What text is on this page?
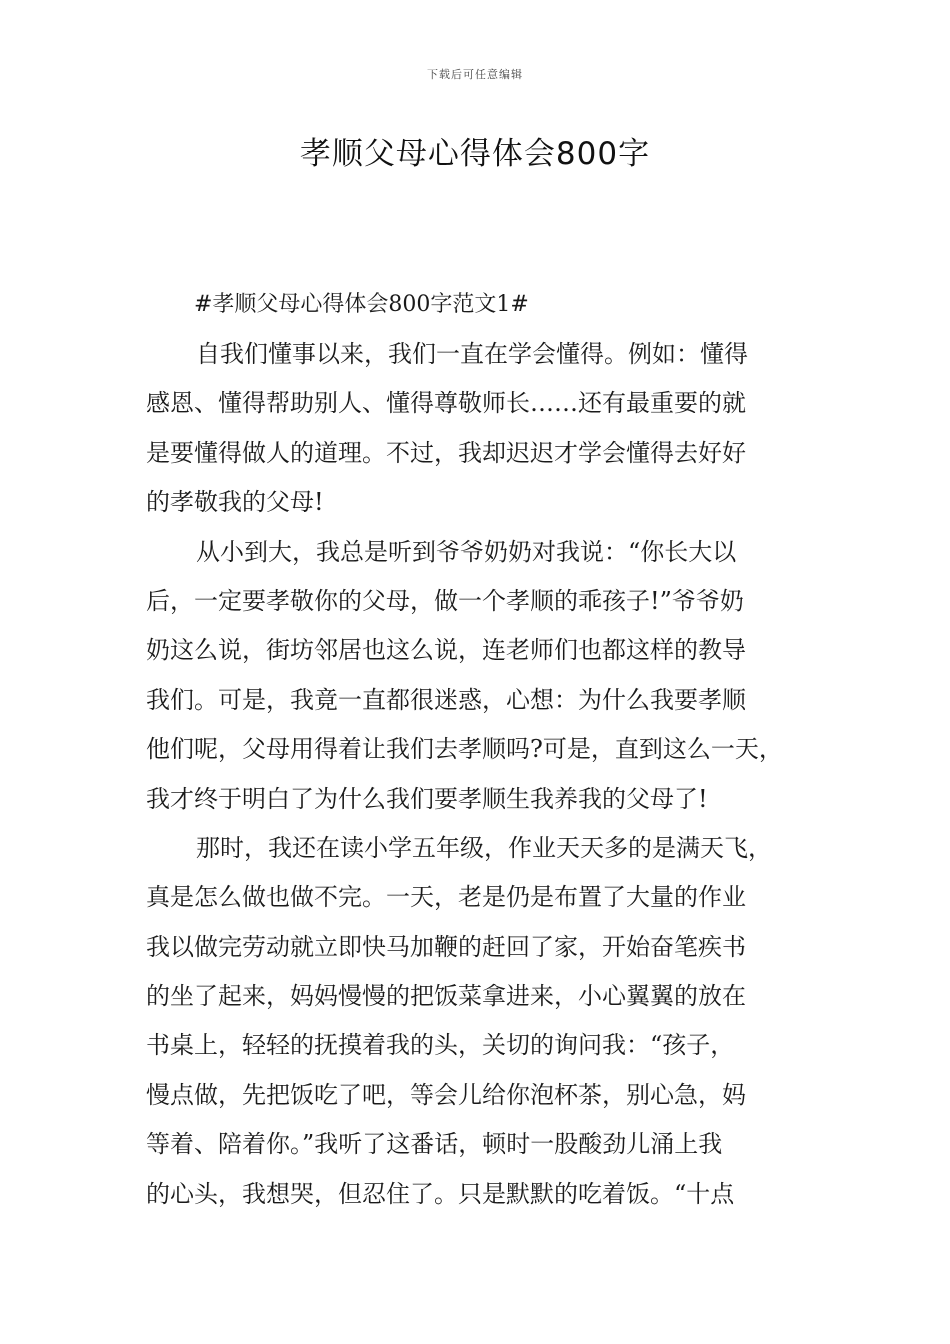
下载后可任意编辑
孝顺父母心得体会800字

#孝顺父母心得体会800字范文1#

自我们懂事以来，我们一直在学会懂得。例如：懂得

感恩、懂得帮助别人、懂得尊敬师长……还有最重要的就

是要懂得做人的道理。不过，我却迟迟才学会懂得去好好

的孝敬我的父母!

从小到大，我总是听到爷爷奶奶对我说：“你长大以

后，一定要孝敬你的父母，做一个孝顺的乖孩子!”爷爷奶

奶这么说，街坊邻居也这么说，连老师们也都这样的教导

我们。可是，我竟一直都很迷惑，心想：为什么我要孝顺

他们呢，父母用得着让我们去孝顺吗?可是，直到这么一天，

我才终于明白了为什么我们要孝顺生我养我的父母了!

那时，我还在读小学五年级，作业天天多的是满天飞，

真是怎么做也做不完。一天，老是仍是布置了大量的作业

我以做完劳动就立即快马加鞭的赶回了家，开始奋笔疾书

的坐了起来，妈妈慢慢的把饭菜拿进来，小心翼翼的放在

书桌上，轻轻的抚摸着我的头，关切的询问我：“孩子，

慢点做，先把饭吃了吧，等会儿给你泡杯茶，别心急，妈

等着、陪着你。”我听了这番话，顿时一股酸劲儿涌上我

的心头，我想哭，但忍住了。只是默默的吃着饭。“十点
